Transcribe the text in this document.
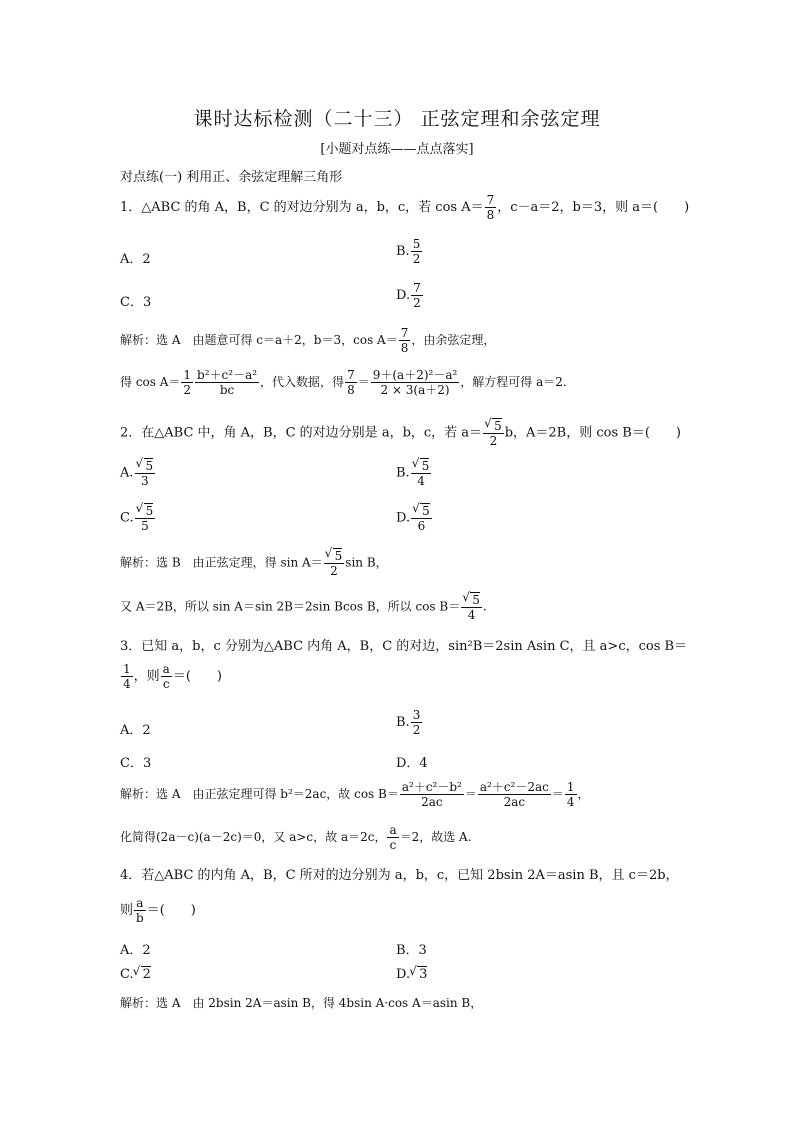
课时达标检测（二十三） 正弦定理和余弦定理
[小题对点练——点点落实]
对点练(一) 利用正、余弦定理解三角形
1．△ABC 的角 A，B，C 的对边分别为 a，b，c，若 $\cos A= \frac{7}{8}$ ，c－a＝2，b＝3，则 a＝(　　)
A．2
B. $\frac{5}{2}$
C．3	D. $\frac{7}{2}$
解析：选 A　由题意可得 c＝a＋2，b＝3，$\cos A= \frac{7}{8}$ ，由余弦定理，
得 $\cos A= \frac{1}{2} \frac{\text{b²＋c²－a²}}{bc}$ ，代入数据，得 $\frac{7}{8} = \frac{\text{9＋(a＋2)²－a²}}{2 \times 3(a+2)}$ ，解方程可得 a＝2.
2．在△ABC 中，角 A，B，C 的对边分别是 a，b，c，若 a＝ √ $\frac{5}{2}$ b，A＝2B，则 cos B＝(　　)
A. √ $\frac{5}{3}$	B. √ $\frac{5}{4}$
C. √ $\frac{5}{5}$	D. √ $\frac{5}{6}$
解析：选 B　由正弦定理，得 sin A＝ √ $\frac{5}{2}$ sin B，
又 A＝2B，所以 sin A＝sin 2B＝2sin Bcos B，所以 cos B＝ √ $\frac{5}{4}$ .
3．已知 a，b，c 分别为△ABC 内角 A，B，C 的对边，sin²B＝2sin Asin C，且 a>c，cos B＝
$\frac{1}{4}$ ，则 $\frac{a}{c}$ ＝(　　)
A．2
B. $\frac{3}{2}$
C．3	D．4
解析：选 A　由正弦定理可得 b²＝2ac，故 $\cos B= \frac{\text{a²＋c²－b²}}{2ac} = \frac{\text{a²＋c²－2ac}}{2ac} = \frac{1}{4}$ ，
化简得(2a－c)(a－2c)＝0，又 a>c，故 a＝2c， $\frac{a}{c} =2$，故选 A.
4．若△ABC 的内角 A，B，C 所对的边分别为 a，b，c，已知 2bsin 2A＝asin B，且 c＝2b，
则 $\frac{a}{b}$ ＝(　　)
A．2	B．3
C. √ 2	D. √ 3
解析：选 A　由 2bsin 2A＝asin B，得 4bsin A·cos A＝asin B，
